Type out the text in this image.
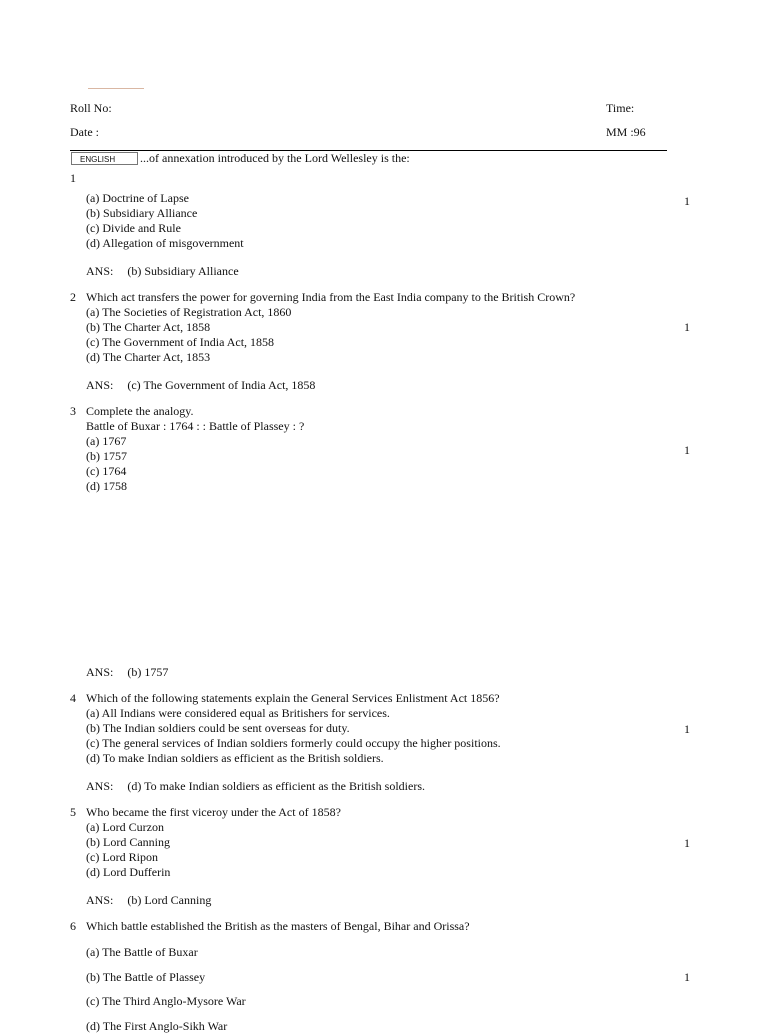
Roll No:
Date :
Time:
MM :96
...of annexation introduced by the Lord Wellesley is the:
ENGLISH
1
1
(a) Doctrine of Lapse
(b) Subsidiary Alliance
(c) Divide and Rule
(d) Allegation of misgovernment
ANS: (b) Subsidiary Alliance
2 Which act transfers the power for governing India from the East India company to the British Crown?
(a) The Societies of Registration Act, 1860
(b) The Charter Act, 1858
(c) The Government of India Act, 1858
(d) The Charter Act, 1853
1
ANS: (c) The Government of India Act, 1858
3 Complete the analogy.
Battle of Buxar : 1764 : : Battle of Plassey : ?
(a) 1767
(b) 1757
(c) 1764
(d) 1758
1
ANS: (b) 1757
4 Which of the following statements explain the General Services Enlistment Act 1856?
(a) All Indians were considered equal as Britishers for services.
(b) The Indian soldiers could be sent overseas for duty.
(c) The general services of Indian soldiers formerly could occupy the higher positions.
(d) To make Indian soldiers as efficient as the British soldiers.
1
ANS: (d) To make Indian soldiers as efficient as the British soldiers.
5 Who became the first viceroy under the Act of 1858?
(a) Lord Curzon
(b) Lord Canning
(c) Lord Ripon
(d) Lord Dufferin
1
ANS: (b) Lord Canning
6 Which battle established the British as the masters of Bengal, Bihar and Orissa?
(a) The Battle of Buxar
(b) The Battle of Plassey	1
(c) The Third Anglo-Mysore War
(d) The First Anglo-Sikh War
